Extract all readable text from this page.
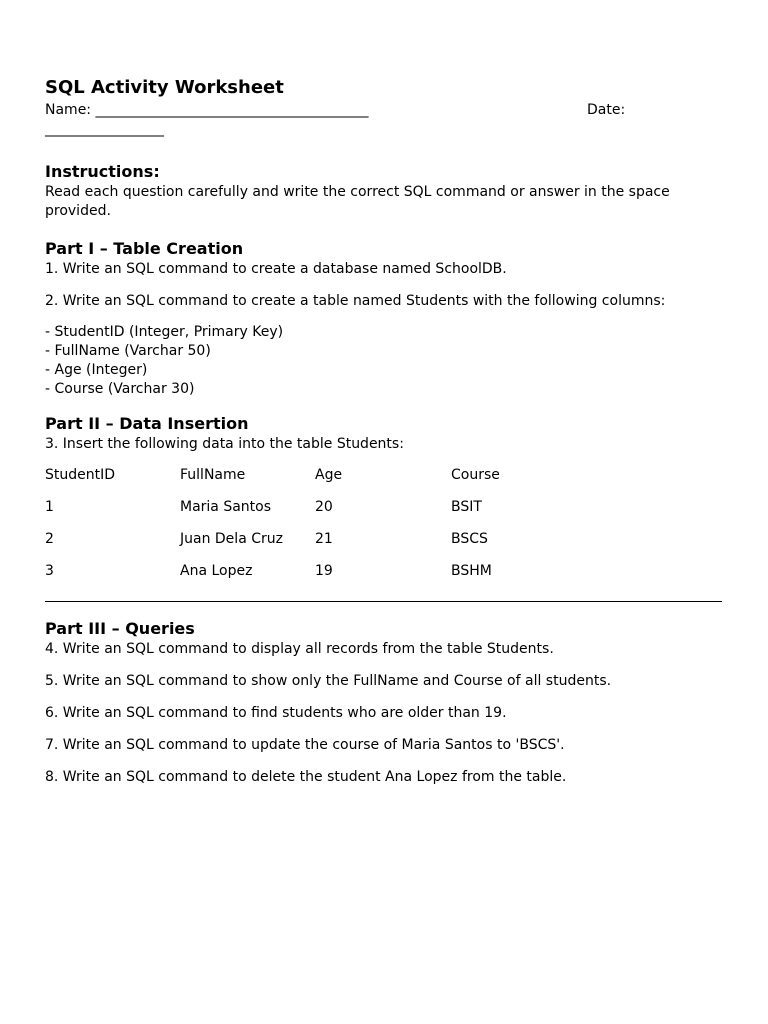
SQL Activity Worksheet
Name: _______________________________________	Date:
_________________
Instructions:

Read each question carefully and write the correct SQL command or answer in the space provided.

Part I – Table Creation

1. Write an SQL command to create a database named SchoolDB.

2. Write an SQL command to create a table named Students with the following columns:

- StudentID (Integer, Primary Key)
- FullName (Varchar 50)
- Age (Integer)
- Course (Varchar 30)
Part II – Data Insertion

3. Insert the following data into the table Students:

StudentID	FullName	Age	Course
1	Maria Santos	20	BSIT
2	Juan Dela Cruz	21	BSCS
3	Ana Lopez	19	BSHM
Part III – Queries

4. Write an SQL command to display all records from the table Students.

5. Write an SQL command to show only the FullName and Course of all students.

6. Write an SQL command to find students who are older than 19.

7. Write an SQL command to update the course of Maria Santos to 'BSCS'.

8. Write an SQL command to delete the student Ana Lopez from the table.
